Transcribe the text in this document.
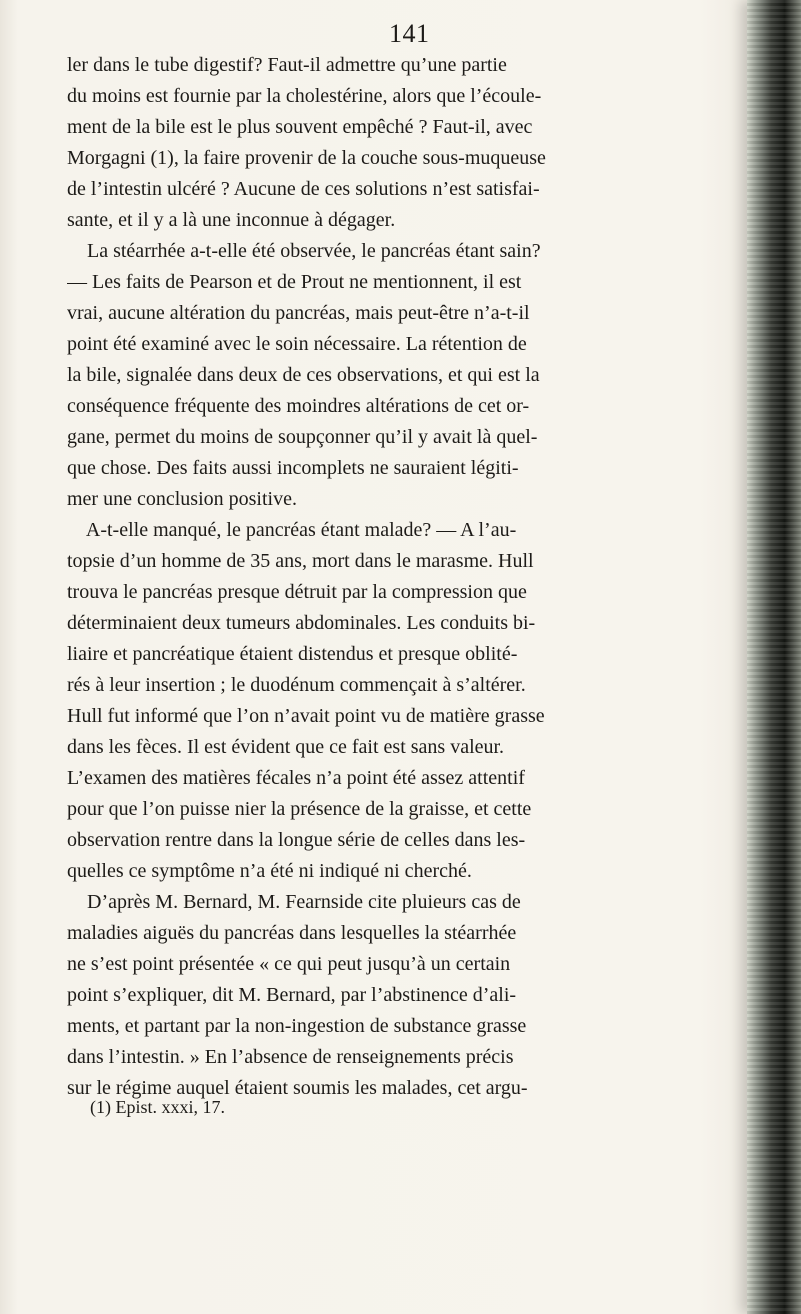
141
ler dans le tube digestif? Faut-il admettre qu’une partie
du moins est fournie par la cholestérine, alors que l’écoule-
ment de la bile est le plus souvent empêché ? Faut-il, avec
Morgagni (1), la faire provenir de la couche sous-muqueuse
de l’intestin ulcéré ? Aucune de ces solutions n’est satisfai-
sante, et il y a là une inconnue à dégager.
La stéarrhée a-t-elle été observée, le pancréas étant sain?
— Les faits de Pearson et de Prout ne mentionnent, il est
vrai, aucune altération du pancréas, mais peut-être n’a-t-il
point été examiné avec le soin nécessaire. La rétention de
la bile, signalée dans deux de ces observations, et qui est la
conséquence fréquente des moindres altérations de cet or-
gane, permet du moins de soupçonner qu’il y avait là quel-
que chose. Des faits aussi incomplets ne sauraient légiti-
mer une conclusion positive.
A-t-elle manqué, le pancréas étant malade? — A l’au-
topsie d’un homme de 35 ans, mort dans le marasme. Hull
trouva le pancréas presque détruit par la compression que
déterminaient deux tumeurs abdominales. Les conduits bi-
liaire et pancréatique étaient distendus et presque oblité-
rés à leur insertion ; le duodénum commençait à s’altérer.
Hull fut informé que l’on n’avait point vu de matière grasse
dans les fèces. Il est évident que ce fait est sans valeur.
L’examen des matières fécales n’a point été assez attentif
pour que l’on puisse nier la présence de la graisse, et cette
observation rentre dans la longue série de celles dans les-
quelles ce symptôme n’a été ni indiqué ni cherché.
D’après M. Bernard, M. Fearnside cite pluieurs cas de
maladies aiguës du pancréas dans lesquelles la stéarrhée
ne s’est point présentée « ce qui peut jusqu’à un certain
point s’expliquer, dit M. Bernard, par l’abstinence d’ali-
ments, et partant par la non-ingestion de substance grasse
dans l’intestin. » En l’absence de renseignements précis
sur le régime auquel étaient soumis les malades, cet argu-
(1) Epist. xxxi, 17.
